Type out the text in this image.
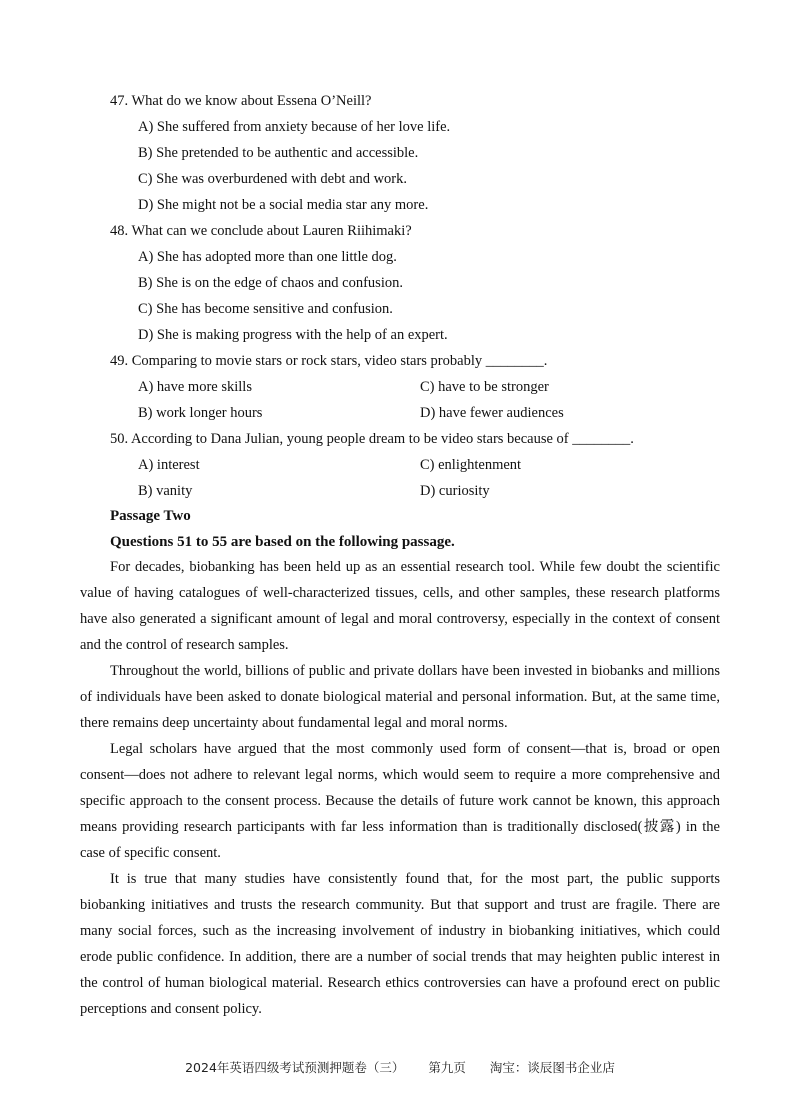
47. What do we know about Essena O’Neill?
A) She suffered from anxiety because of her love life.
B) She pretended to be authentic and accessible.
C) She was overburdened with debt and work.
D) She might not be a social media star any more.
48. What can we conclude about Lauren Riihimaki?
A) She has adopted more than one little dog.
B) She is on the edge of chaos and confusion.
C) She has become sensitive and confusion.
D) She is making progress with the help of an expert.
49. Comparing to movie stars or rock stars, video stars probably ________.
A) have more skills	C) have to be stronger
B) work longer hours	D) have fewer audiences
50. According to Dana Julian, young people dream to be video stars because of ________.
A) interest	C) enlightenment
B) vanity	D) curiosity
Passage Two
Questions 51 to 55 are based on the following passage.
For decades, biobanking has been held up as an essential research tool. While few doubt the scientific value of having catalogues of well-characterized tissues, cells, and other samples, these research platforms have also generated a significant amount of legal and moral controversy, especially in the context of consent and the control of research samples.
Throughout the world, billions of public and private dollars have been invested in biobanks and millions of individuals have been asked to donate biological material and personal information. But, at the same time, there remains deep uncertainty about fundamental legal and moral norms.
Legal scholars have argued that the most commonly used form of consent—that is, broad or open consent—does not adhere to relevant legal norms, which would seem to require a more comprehensive and specific approach to the consent process. Because the details of future work cannot be known, this approach means providing research participants with far less information than is traditionally disclosed(披露) in the case of specific consent.
It is true that many studies have consistently found that, for the most part, the public supports biobanking initiatives and trusts the research community. But that support and trust are fragile. There are many social forces, such as the increasing involvement of industry in biobanking initiatives, which could erode public confidence. In addition, there are a number of social trends that may heighten public interest in the control of human biological material. Research ethics controversies can have a profound erect on public perceptions and consent policy.
2024年英语四级考试预测押题卷（三） 第九页 淘宝：谈辰图书企业店
